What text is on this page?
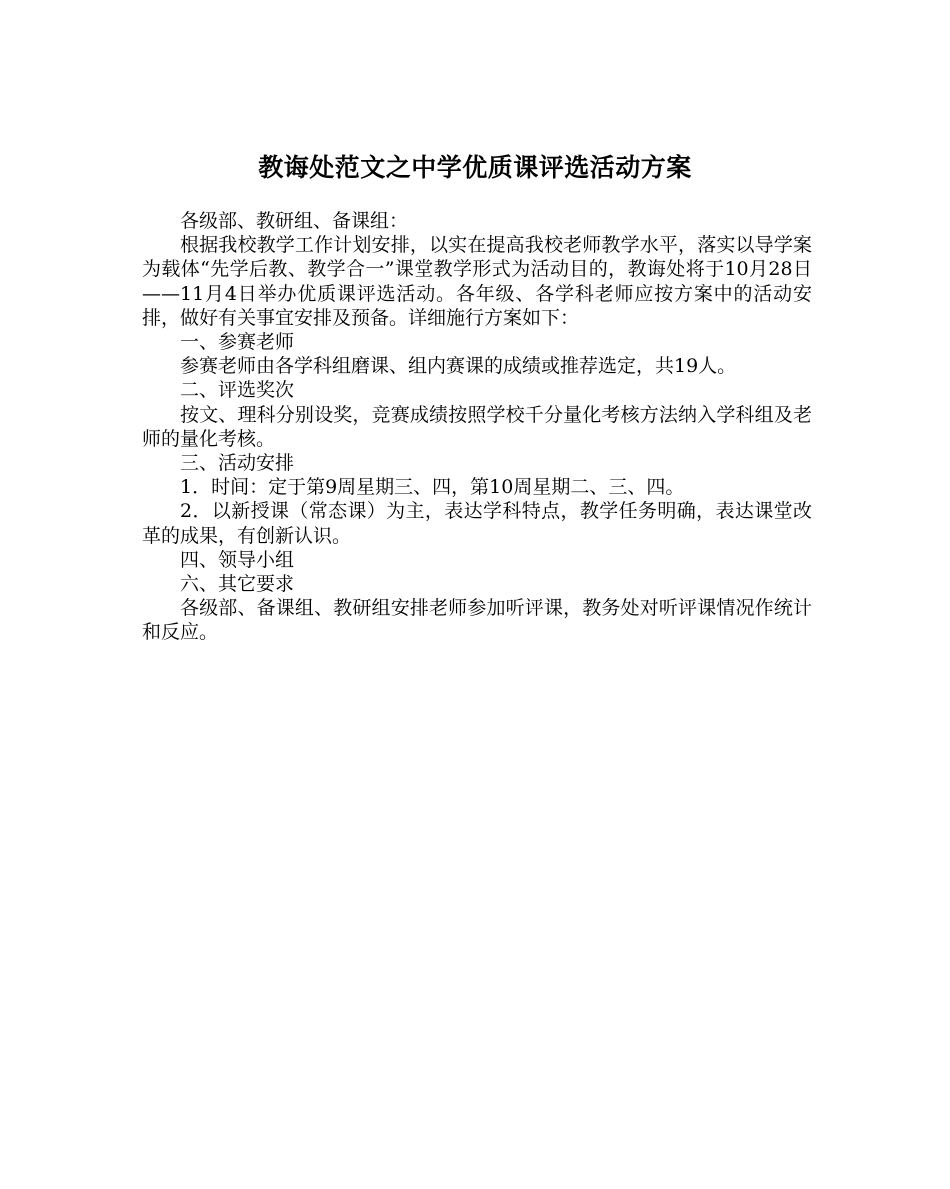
教诲处范文之中学优质课评选活动方案

各级部、教研组、备课组：

根据我校教学工作计划安排，以实在提高我校老师教学水平，落实以导学案为载体“先学后教、教学合一”课堂教学形式为活动目的，教诲处将于10月28日——11月4日举办优质课评选活动。各年级、各学科老师应按方案中的活动安排，做好有关事宜安排及预备。详细施行方案如下：

一、参赛老师

参赛老师由各学科组磨课、组内赛课的成绩或推荐选定，共19人。

二、评选奖次

按文、理科分别设奖，竞赛成绩按照学校千分量化考核方法纳入学科组及老师的量化考核。

三、活动安排

1．时间：定于第9周星期三、四，第10周星期二、三、四。

2．以新授课（常态课）为主，表达学科特点，教学任务明确，表达课堂改革的成果，有创新认识。

四、领导小组

六、其它要求

各级部、备课组、教研组安排老师参加听评课，教务处对听评课情况作统计和反应。
